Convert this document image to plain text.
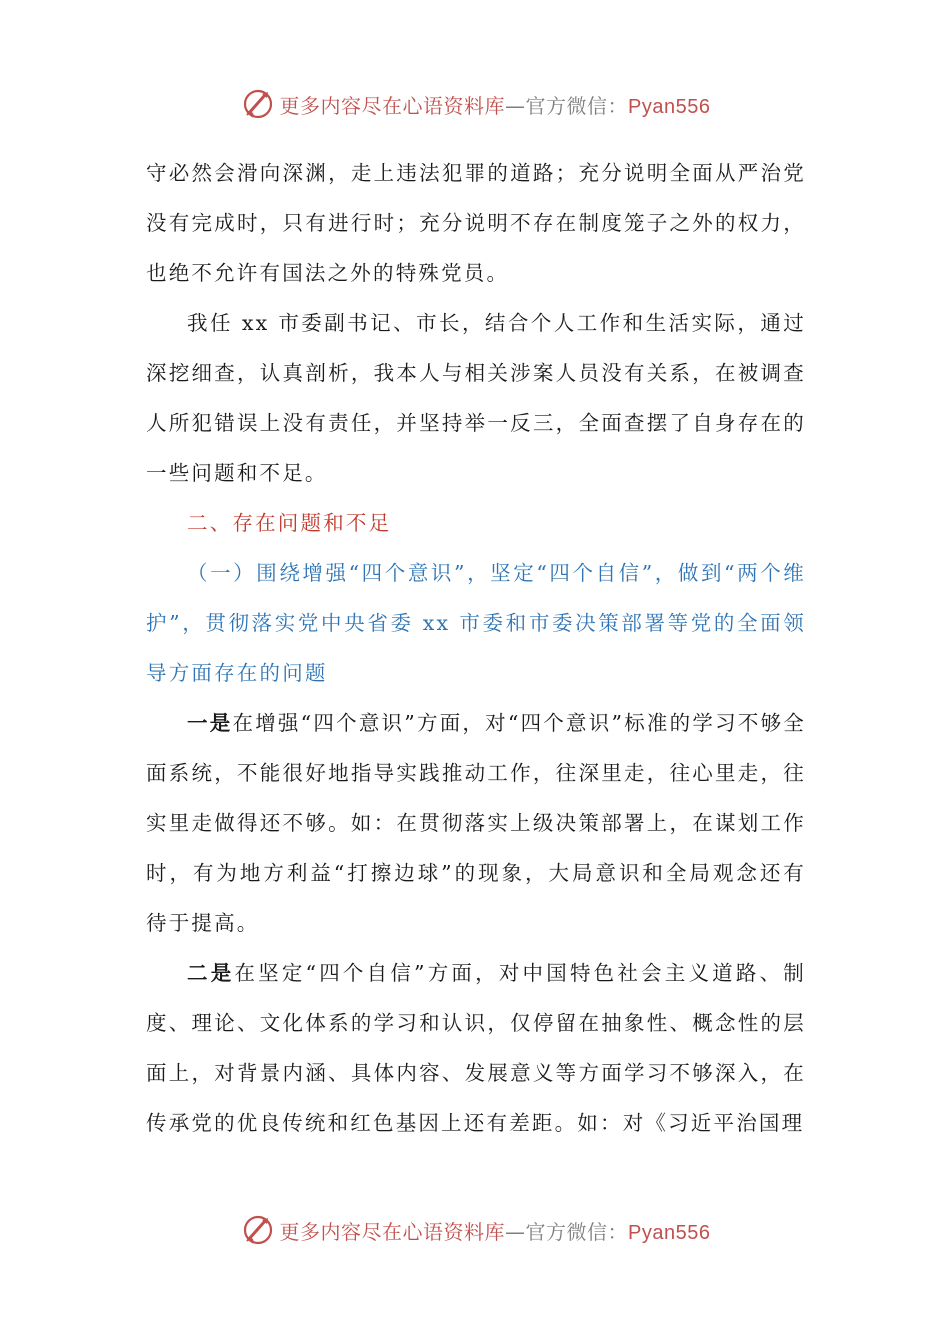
更多内容尽在心语资料库—官方微信：Pyan556

守必然会滑向深渊，走上违法犯罪的道路；充分说明全面从严治党没有完成时，只有进行时；充分说明不存在制度笼子之外的权力，也绝不允许有国法之外的特殊党员。

我任 xx 市委副书记、市长，结合个人工作和生活实际，通过深挖细查，认真剖析，我本人与相关涉案人员没有关系，在被调查人所犯错误上没有责任，并坚持举一反三，全面查摆了自身存在的一些问题和不足。

二、存在问题和不足

（一）围绕增强“四个意识”，坚定“四个自信”，做到“两个维护”，贯彻落实党中央省委 xx 市委和市委决策部署等党的全面领导方面存在的问题

一是在增强“四个意识”方面，对“四个意识”标准的学习不够全面系统，不能很好地指导实践推动工作，往深里走，往心里走，往实里走做得还不够。如：在贯彻落实上级决策部署上，在谋划工作时，有为地方利益“打擦边球”的现象，大局意识和全局观念还有待于提高。

二是在坚定“四个自信”方面，对中国特色社会主义道路、制度、理论、文化体系的学习和认识，仅停留在抽象性、概念性的层面上，对背景内涵、具体内容、发展意义等方面学习不够深入，在传承党的优良传统和红色基因上还有差距。如：对《习近平治国理

更多内容尽在心语资料库—官方微信：Pyan556
